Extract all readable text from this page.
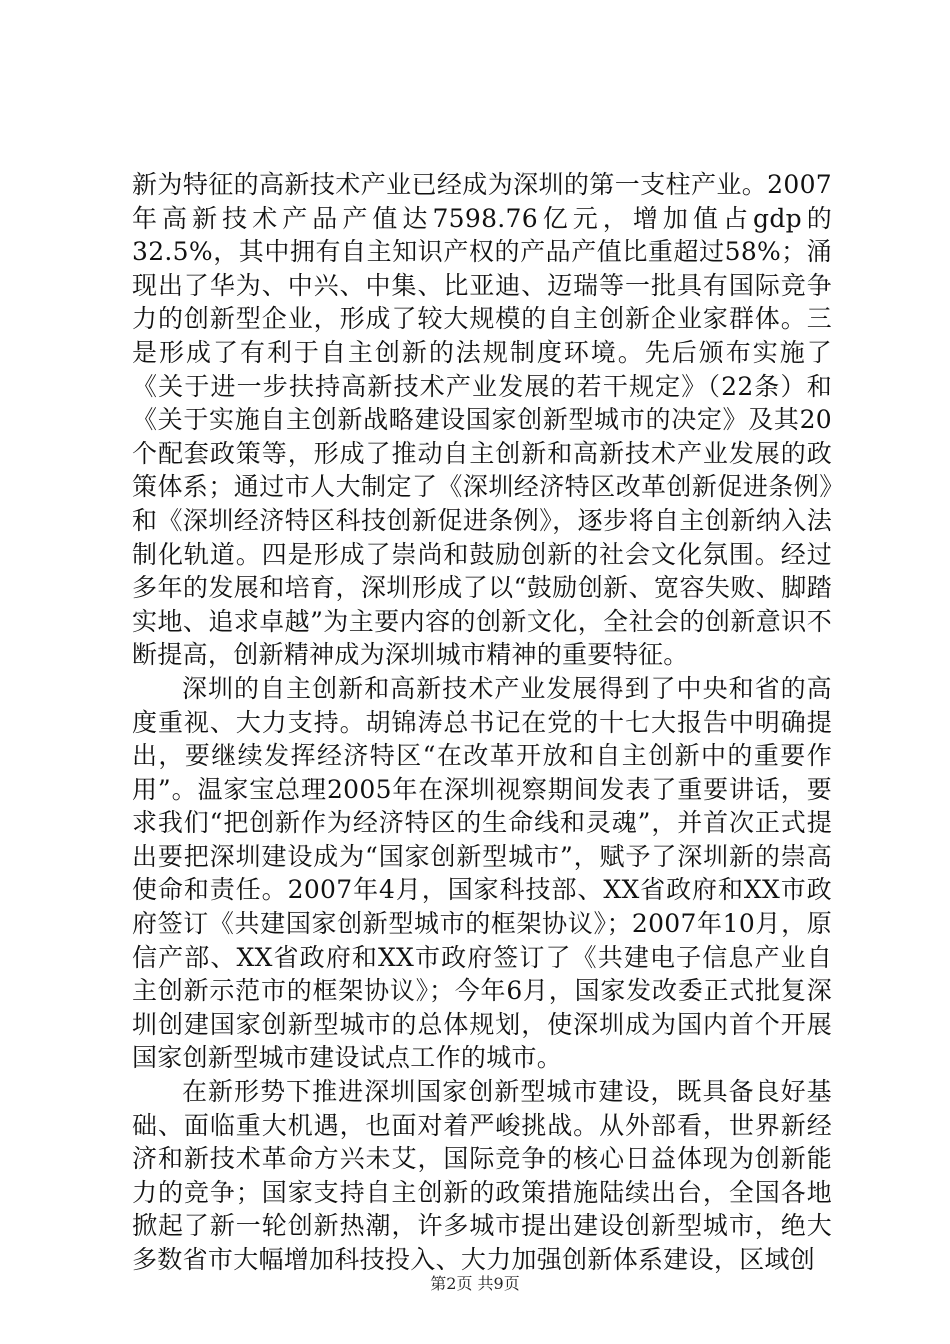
新为特征的高新技术产业已经成为深圳的第一支柱产业。2007年高新技术产品产值达7598.76亿元，增加值占gdp的32.5%，其中拥有自主知识产权的产品产值比重超过58%；涌现出了华为、中兴、中集、比亚迪、迈瑞等一批具有国际竞争力的创新型企业，形成了较大规模的自主创新企业家群体。三是形成了有利于自主创新的法规制度环境。先后颁布实施了《关于进一步扶持高新技术产业发展的若干规定》（22条）和《关于实施自主创新战略建设国家创新型城市的决定》及其20个配套政策等，形成了推动自主创新和高新技术产业发展的政策体系；通过市人大制定了《深圳经济特区改革创新促进条例》和《深圳经济特区科技创新促进条例》，逐步将自主创新纳入法制化轨道。四是形成了崇尚和鼓励创新的社会文化氛围。经过多年的发展和培育，深圳形成了以“鼓励创新、宽容失败、脚踏实地、追求卓越”为主要内容的创新文化，全社会的创新意识不断提高，创新精神成为深圳城市精神的重要特征。

深圳的自主创新和高新技术产业发展得到了中央和省的高度重视、大力支持。胡锦涛总书记在党的十七大报告中明确提出，要继续发挥经济特区“在改革开放和自主创新中的重要作用”。温家宝总理2005年在深圳视察期间发表了重要讲话，要求我们“把创新作为经济特区的生命线和灵魂”，并首次正式提出要把深圳建设成为“国家创新型城市”，赋予了深圳新的崇高使命和责任。2007年4月，国家科技部、XX省政府和XX市政府签订《共建国家创新型城市的框架协议》；2007年10月，原信产部、XX省政府和XX市政府签订了《共建电子信息产业自主创新示范市的框架协议》；今年6月，国家发改委正式批复深圳创建国家创新型城市的总体规划，使深圳成为国内首个开展国家创新型城市建设试点工作的城市。

在新形势下推进深圳国家创新型城市建设，既具备良好基础、面临重大机遇，也面对着严峻挑战。从外部看，世界新经济和新技术革命方兴未艾，国际竞争的核心日益体现为创新能力的竞争；国家支持自主创新的政策措施陆续出台，全国各地掀起了新一轮创新热潮，许多城市提出建设创新型城市，绝大多数省市大幅增加科技投入、大力加强创新体系建设，区域创

第2页 共9页
